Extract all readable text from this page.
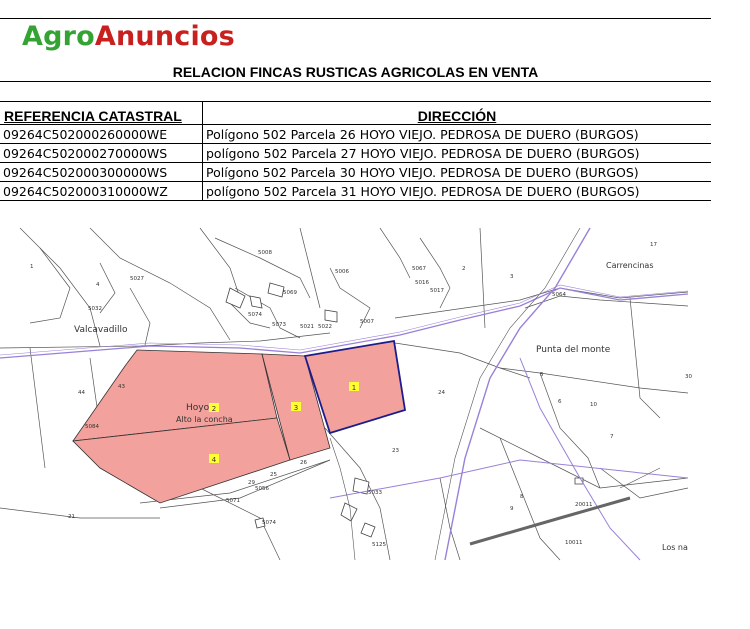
AgroAnuncios
RELACION FINCAS RUSTICAS AGRICOLAS EN VENTA
REFERENCIA CATASTRAL	DIRECCIÓN
09264C502000260000WE	Polígono 502 Parcela 26 HOYO VIEJO. PEDROSA DE DUERO (BURGOS)
09264C502000270000WS	polígono 502 Parcela 27 HOYO VIEJO. PEDROSA DE DUERO (BURGOS)
09264C502000300000WS	Polígono 502 Parcela 30 HOYO VIEJO. PEDROSA DE DUERO (BURGOS)
09264C502000310000WZ	polígono 502 Parcela 31 HOYO VIEJO. PEDROSA DE DUERO (BURGOS)
1
2	3
4
Valcavadillo
Hoyo
Alto la concha
Punta del monte
Carrencinas
Los na
5027
5032
5069
5074
5073	5021 5022
5007
5006
5008
5067
5016
5017
5064
5084
5056
5071
5074
5033
5125
20011
10011
43
44
21
23
24
25
26
29
17
2
3
5
7
8
9
6
4
1
30
10
